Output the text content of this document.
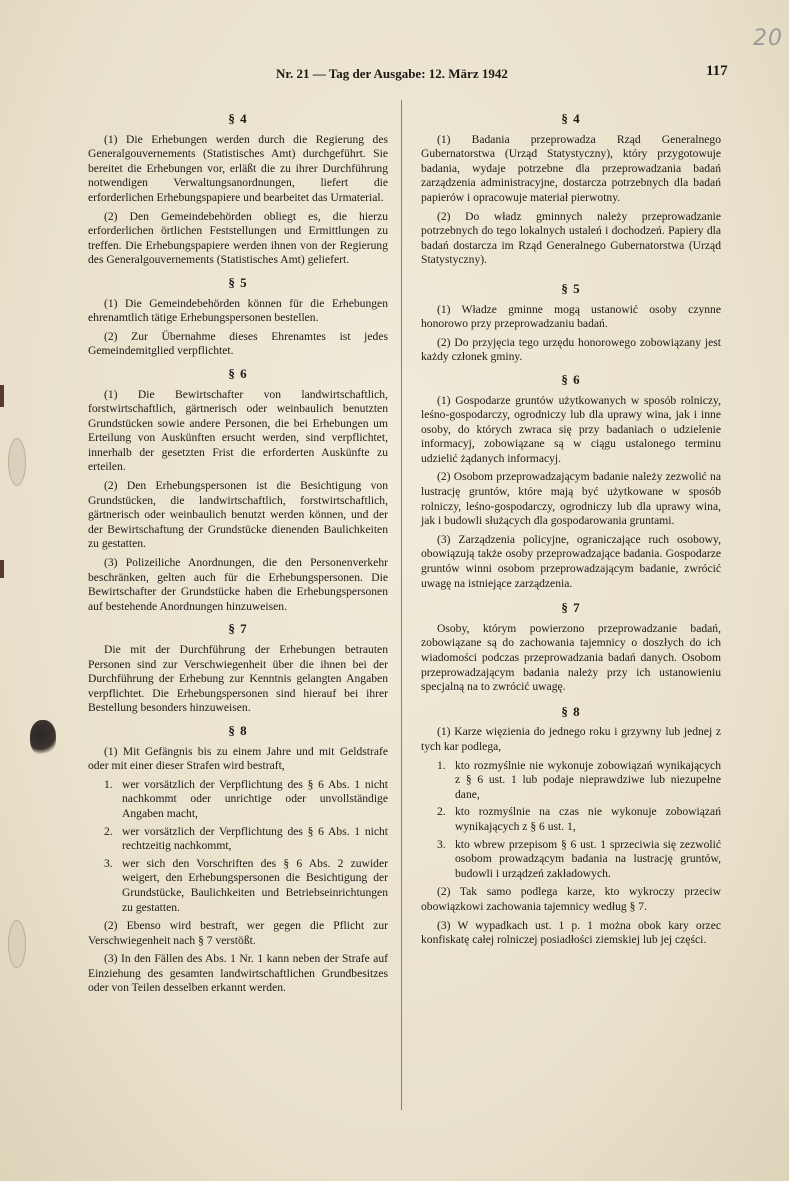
20
Nr. 21 — Tag der Ausgabe: 12. März 1942	117
§ 4
(1) Die Erhebungen werden durch die Regierung des Generalgouvernements (Statistisches Amt) durchgeführt. Sie bereitet die Erhebungen vor, erläßt die zu ihrer Durchführung notwendigen Verwaltungsanordnungen, liefert die erforderlichen Erhebungspapiere und bearbeitet das Urmaterial.
(2) Den Gemeindebehörden obliegt es, die hierzu erforderlichen örtlichen Feststellungen und Ermittlungen zu treffen. Die Erhebungspapiere werden ihnen von der Regierung des Generalgouvernements (Statistisches Amt) geliefert.
§ 5
(1) Die Gemeindebehörden können für die Erhebungen ehrenamtlich tätige Erhebungspersonen bestellen.
(2) Zur Übernahme dieses Ehrenamtes ist jedes Gemeindemitglied verpflichtet.
§ 6
(1) Die Bewirtschafter von landwirtschaftlich, forstwirtschaftlich, gärtnerisch oder weinbaulich benutzten Grundstücken sowie andere Personen, die bei Erhebungen um Erteilung von Auskünften ersucht werden, sind verpflichtet, innerhalb der gesetzten Frist die erforderten Auskünfte zu erteilen.
(2) Den Erhebungspersonen ist die Besichtigung von Grundstücken, die landwirtschaftlich, forstwirtschaftlich, gärtnerisch oder weinbaulich benutzt werden können, und der der Bewirtschaftung der Grundstücke dienenden Baulichkeiten zu gestatten.
(3) Polizeiliche Anordnungen, die den Personenverkehr beschränken, gelten auch für die Erhebungspersonen. Die Bewirtschafter der Grundstücke haben die Erhebungspersonen auf bestehende Anordnungen hinzuweisen.
§ 7
Die mit der Durchführung der Erhebungen betrauten Personen sind zur Verschwiegenheit über die ihnen bei der Durchführung der Erhebung zur Kenntnis gelangten Angaben verpflichtet. Die Erhebungspersonen sind hierauf bei ihrer Bestellung besonders hinzuweisen.
§ 8
(1) Mit Gefängnis bis zu einem Jahre und mit Geldstrafe oder mit einer dieser Strafen wird bestraft,
1. wer vorsätzlich der Verpflichtung des § 6 Abs. 1 nicht nachkommt oder unrichtige oder unvollständige Angaben macht,
2. wer vorsätzlich der Verpflichtung des § 6 Abs. 1 nicht rechtzeitig nachkommt,
3. wer sich den Vorschriften des § 6 Abs. 2 zuwider weigert, den Erhebungspersonen die Besichtigung der Grundstücke, Baulichkeiten und Betriebseinrichtungen zu gestatten.
(2) Ebenso wird bestraft, wer gegen die Pflicht zur Verschwiegenheit nach § 7 verstößt.
(3) In den Fällen des Abs. 1 Nr. 1 kann neben der Strafe auf Einziehung des gesamten landwirtschaftlichen Grundbesitzes oder von Teilen desselben erkannt werden.
§ 4
(1) Badania przeprowadza Rząd Generalnego Gubernatorstwa (Urząd Statystyczny), który przygotowuje badania, wydaje potrzebne dla przeprowadzania badań zarządzenia administracyjne, dostarcza potrzebnych dla badań papierów i opracowuje materiał pierwotny.
(2) Do władz gminnych należy przeprowadzanie potrzebnych do tego lokalnych ustaleń i dochodzeń. Papiery dla badań dostarcza im Rząd Generalnego Gubernatorstwa (Urząd Statystyczny).
§ 5
(1) Władze gminne mogą ustanowić osoby czynne honorowo przy przeprowadzaniu badań.
(2) Do przyjęcia tego urzędu honorowego zobowiązany jest każdy członek gminy.
§ 6
(1) Gospodarze gruntów użytkowanych w sposób rolniczy, leśno-gospodarczy, ogrodniczy lub dla uprawy wina, jak i inne osoby, do których zwraca się przy badaniach o udzielenie informacyj, zobowiązane są w ciągu ustalonego terminu udzielić żądanych informacyj.
(2) Osobom przeprowadzającym badanie należy zezwolić na lustrację gruntów, które mają być użytkowane w sposób rolniczy, leśno-gospodarczy, ogrodniczy lub dla uprawy wina, jak i budowli służących dla gospodarowania gruntami.
(3) Zarządzenia policyjne, ograniczające ruch osobowy, obowiązują także osoby przeprowadzające badania. Gospodarze gruntów winni osobom przeprowadzającym badanie, zwrócić uwagę na istniejące zarządzenia.
§ 7
Osoby, którym powierzono przeprowadzanie badań, zobowiązane są do zachowania tajemnicy o doszłych do ich wiadomości podczas przeprowadzania badań danych. Osobom przeprowadzającym badania należy przy ich ustanowieniu specjalną na to zwrócić uwagę.
§ 8
(1) Karze więzienia do jednego roku i grzywny lub jednej z tych kar podlega,
1. kto rozmyślnie nie wykonuje zobowiązań wynikających z § 6 ust. 1 lub podaje nieprawdziwe lub niezupełne dane,
2. kto rozmyślnie na czas nie wykonuje zobowiązań wynikających z § 6 ust. 1,
3. kto wbrew przepisom § 6 ust. 1 sprzeciwia się zezwolić osobom prowadzącym badania na lustrację gruntów, budowli i urządzeń zakładowych.
(2) Tak samo podlega karze, kto wykroczy przeciw obowiązkowi zachowania tajemnicy według § 7.
(3) W wypadkach ust. 1 p. 1 można obok kary orzec konfiskatę całej rolniczej posiadłości ziemskiej lub jej części.
